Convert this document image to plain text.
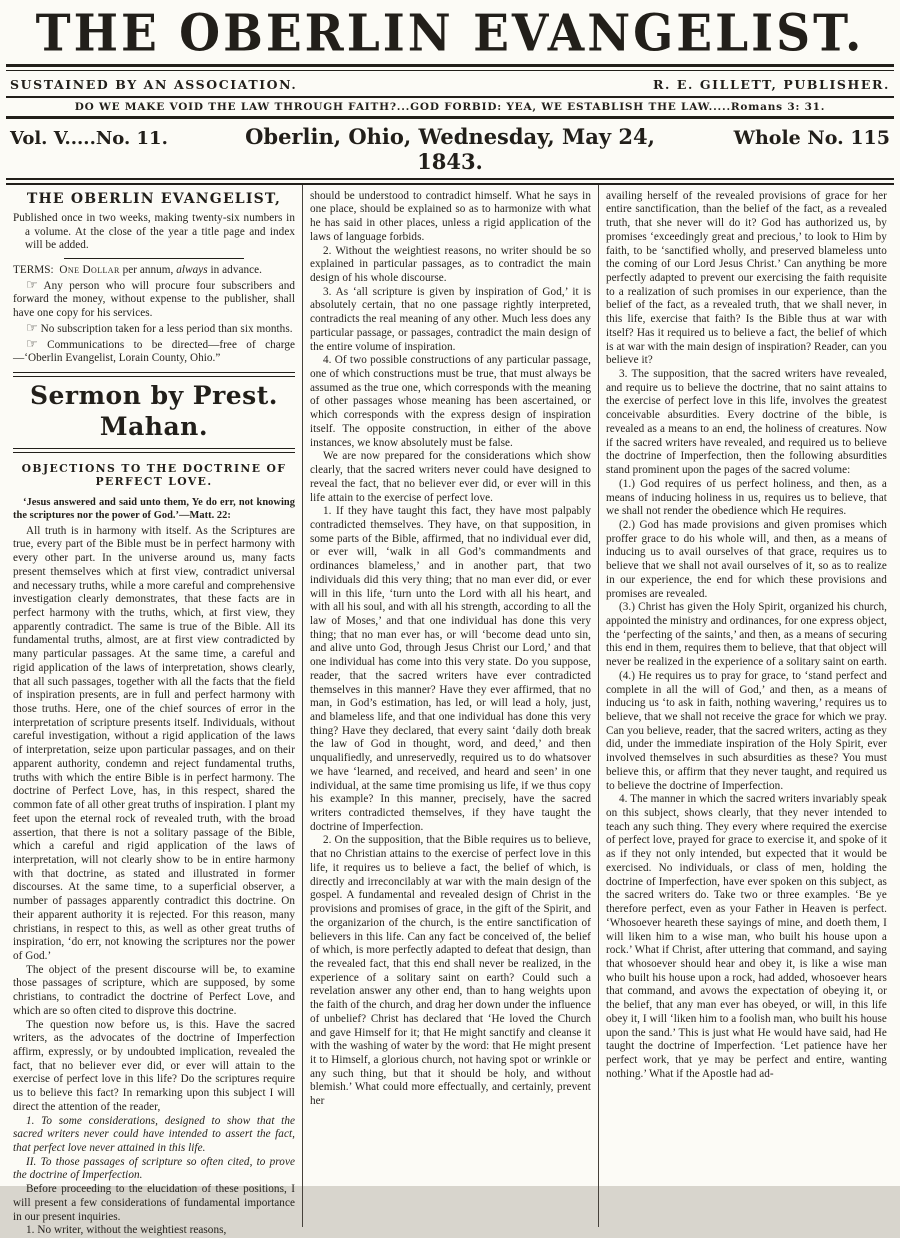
THE OBERLIN EVANGELIST.
SUSTAINED BY AN ASSOCIATION.	R. E. GILLETT, PUBLISHER.
DO WE MAKE VOID THE LAW THROUGH FAITH?...GOD FORBID: YEA, WE ESTABLISH THE LAW.....Romans 3: 31.
Vol. V.....No. 11.	Oberlin, Ohio, Wednesday, May 24, 1843.
Whole No. 115
THE OBERLIN EVANGELIST,

Published once in two weeks, making twenty-six numbers in a volume. At the close of the year a title page and index will be added.

TERMS: One Dollar per annum, always in advance.

☞ Any person who will procure four subscribers and forward the money, without expense to the publisher, shall have one copy for his services.

☞ No subscription taken for a less period than six months.

☞ Communications to be directed—free of charge—‘Oberlin Evangelist, Lorain County, Ohio.”

Sermon by Prest. Mahan.

OBJECTIONS TO THE DOCTRINE OF PERFECT LOVE.

‘Jesus answered and said unto them, Ye do err, not knowing the scriptures nor the power of God.’—Matt. 22:

All truth is in harmony with itself. As the Scriptures are true, every part of the Bible must be in perfect harmony with every other part. In the universe around us, many facts present themselves which at first view, contradict universal and necessary truths, while a more careful and comprehensive investigation clearly demonstrates, that these facts are in perfect harmony with the truths, which, at first view, they apparently contradict. The same is true of the Bible. All its fundamental truths, almost, are at first view contradicted by many particular passages. At the same time, a careful and rigid application of the laws of interpretation, shows clearly, that all such passages, together with all the facts that the field of inspiration presents, are in full and perfect harmony with those truths. Here, one of the chief sources of error in the interpretation of scripture presents itself. Individuals, without careful investigation, without a rigid application of the laws of interpretation, seize upon particular passages, and on their apparent authority, condemn and reject fundamental truths, truths with which the entire Bible is in perfect harmony. The doctrine of Perfect Love, has, in this respect, shared the common fate of all other great truths of inspiration. I plant my feet upon the eternal rock of revealed truth, with the broad assertion, that there is not a solitary passage of the Bible, which a careful and rigid application of the laws of interpretation, will not clearly show to be in entire harmony with that doctrine, as stated and illustrated in former discourses. At the same time, to a superficial observer, a number of passages apparently contradict this doctrine. On their apparent authority it is rejected. For this reason, many christians, in respect to this, as well as other great truths of inspiration, ‘do err, not knowing the scriptures nor the power of God.’

The object of the present discourse will be, to examine those passages of scripture, which are supposed, by some christians, to contradict the doctrine of Perfect Love, and which are so often cited to disprove this doctrine.

The question now before us, is this. Have the sacred writers, as the advocates of the doctrine of Imperfection affirm, expressly, or by undoubted implication, revealed the fact, that no believer ever did, or ever will attain to the exercise of perfect love in this life? Do the scriptures require us to believe this fact? In remarking upon this subject I will direct the attention of the reader,

1. To some considerations, designed to show that the sacred writers never could have intended to assert the fact, that perfect love never attained in this life.

II. To those passages of scripture so often cited, to prove the doctrine of Imperfection.

Before proceeding to the elucidation of these positions, I will present a few considerations of fundamental importance in our present inquiries.

1. No writer, without the weightiest reasons,

should be understood to contradict himself. What he says in one place, should be explained so as to harmonize with what he has said in other places, unless a rigid application of the laws of language forbids.

2. Without the weightiest reasons, no writer should be so explained in particular passages, as to contradict the main design of his whole discourse.

3. As ‘all scripture is given by inspiration of God,’ it is absolutely certain, that no one passage rightly interpreted, contradicts the real meaning of any other. Much less does any particular passage, or passages, contradict the main design of the entire volume of inspiration.

4. Of two possible constructions of any particular passage, one of which constructions must be true, that must always be assumed as the true one, which corresponds with the meaning of other passages whose meaning has been ascertained, or which corresponds with the express design of inspiration itself. The opposite construction, in either of the above instances, we know absolutely must be false.

We are now prepared for the considerations which show clearly, that the sacred writers never could have designed to reveal the fact, that no believer ever did, or ever will in this life attain to the exercise of perfect love.

1. If they have taught this fact, they have most palpably contradicted themselves. They have, on that supposition, in some parts of the Bible, affirmed, that no individual ever did, or ever will, ‘walk in all God’s commandments and ordinances blameless,’ and in another part, that two individuals did this very thing; that no man ever did, or ever will in this life, ‘turn unto the Lord with all his heart, and with all his soul, and with all his strength, according to all the law of Moses,’ and that one individual has done this very thing; that no man ever has, or will ‘become dead unto sin, and alive unto God, through Jesus Christ our Lord,’ and that one individual has come into this very state. Do you suppose, reader, that the sacred writers have ever contradicted themselves in this manner? Have they ever affirmed, that no man, in God’s estimation, has led, or will lead a holy, just, and blameless life, and that one individual has done this very thing? Have they declared, that every saint ‘daily doth break the law of God in thought, word, and deed,’ and then unqualifiedly, and unreservedly, required us to do whatsover we have ‘learned, and received, and heard and seen’ in one individual, at the same time promising us life, if we thus copy his example? In this manner, precisely, have the sacred writers contradicted themselves, if they have taught the doctrine of Imperfection.

2. On the supposition, that the Bible requires us to believe, that no Christian attains to the exercise of perfect love in this life, it requires us to believe a fact, the belief of which, is directly and irreconcilably at war with the main design of the gospel. A fundamental and revealed design of Christ in the provisions and promises of grace, in the gift of the Spirit, and the organizarion of the church, is the entire sanctification of believers in this life. Can any fact be conceived of, the belief of which, is more perfectly adapted to defeat that design, than the revealed fact, that this end shall never be realized, in the experience of a solitary saint on earth? Could such a revelation answer any other end, than to hang weights upon the faith of the church, and drag her down under the influence of unbelief? Christ has declared that ‘He loved the Church and gave Himself for it; that He might sanctify and cleanse it with the washing of water by the word: that He might present it to Himself, a glorious church, not having spot or wrinkle or any such thing, but that it should be holy, and without blemish.’ What could more effectually, and certainly, prevent her

availing herself of the revealed provisions of grace for her entire sanctification, than the belief of the fact, as a revealed truth, that she never will do it? God has authorized us, by promises ‘exceedingly great and precious,’ to look to Him by faith, to be ‘sanctified wholly, and preserved blameless unto the coming of our Lord Jesus Christ.’ Can anything be more perfectly adapted to prevent our exercising the faith requisite to a realization of such promises in our experience, than the belief of the fact, as a revealed truth, that we shall never, in this life, exercise that faith? Is the Bible thus at war with itself? Has it required us to believe a fact, the belief of which is at war with the main design of inspiration? Reader, can you believe it?

3. The supposition, that the sacred writers have revealed, and require us to believe the doctrine, that no saint attains to the exercise of perfect love in this life, involves the greatest conceivable absurdities. Every doctrine of the bible, is revealed as a means to an end, the holiness of creatures. Now if the sacred writers have revealed, and required us to believe the doctrine of Imperfection, then the following absurdities stand prominent upon the pages of the sacred volume:

(1.) God requires of us perfect holiness, and then, as a means of inducing holiness in us, requires us to believe, that we shall not render the obedience which He requires.

(2.) God has made provisions and given promises which proffer grace to do his whole will, and then, as a means of inducing us to avail ourselves of that grace, requires us to believe that we shall not avail ourselves of it, so as to realize in our experience, the end for which these provisions and promises are revealed.

(3.) Christ has given the Holy Spirit, organized his church, appointed the ministry and ordinances, for one express object, the ‘perfecting of the saints,’ and then, as a means of securing this end in them, requires them to believe, that that object will never be realized in the experience of a solitary saint on earth.

(4.) He requires us to pray for grace, to ‘stand perfect and complete in all the will of God,’ and then, as a means of inducing us ‘to ask in faith, nothing wavering,’ requires us to believe, that we shall not receive the grace for which we pray. Can you believe, reader, that the sacred writers, acting as they did, under the immediate inspiration of the Holy Spirit, ever involved themselves in such absurdities as these? You must believe this, or affirm that they never taught, and required us to believe the doctrine of Imperfection.

4. The manner in which the sacred writers invariably speak on this subject, shows clearly, that they never intended to teach any such thing. They every where required the exercise of perfect love, prayed for grace to exercise it, and spoke of it as if they not only intended, but expected that it would be exercised. No individuals, or class of men, holding the doctrine of Imperfection, have ever spoken on this subject, as the sacred writers do. Take two or three examples. ‘Be ye therefore perfect, even as your Father in Heaven is perfect. ‘Whosoever heareth these sayings of mine, and doeth them, I will liken him to a wise man, who built his house upon a rock.’ What if Christ, after uttering that command, and saying that whosoever should hear and obey it, is like a wise man who built his house upon a rock, had added, whosoever hears that command, and avows the expectation of obeying it, or the belief, that any man ever has obeyed, or will, in this life obey it, I will ‘liken him to a foolish man, who built his house upon the sand.’ This is just what He would have said, had He taught the doctrine of Imperfection. ‘Let patience have her perfect work, that ye may be perfect and entire, wanting nothing.’ What if the Apostle had ad-
